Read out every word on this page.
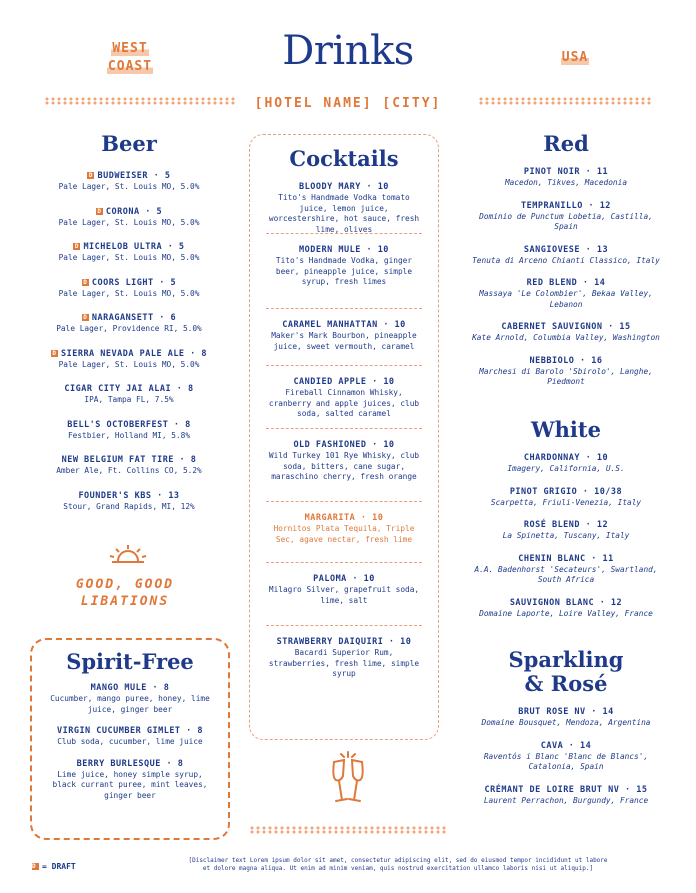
WEST
COAST	Drinks
[HOTEL NAME] [CITY]
USA
Beer
D BUDWEISER · 5
Pale Lager, St. Louis MO, 5.0%
D CORONA · 5
Pale Lager, St. Louis MO, 5.0%
D MICHELOB ULTRA · 5
Pale Lager, St. Louis MO, 5.0%
D COORS LIGHT · 5
Pale Lager, St. Louis MO, 5.0%
D NARAGANSETT · 6
Pale Lager, Providence RI, 5.0%
D SIERRA NEVADA PALE ALE · 8
Pale Lager, St. Louis MO, 5.0%
CIGAR CITY JAI ALAI · 8
IPA, Tampa FL, 7.5%
BELL'S OCTOBERFEST · 8
Festbier, Holland MI, 5.8%
NEW BELGIUM FAT TIRE · 8
Amber Ale, Ft. Collins CO, 5.2%
FOUNDER'S KBS · 13
Stour, Grand Rapids, MI, 12%
GOOD, GOOD
LIBATIONS
Spirit-Free
MANGO MULE · 8
Cucumber, mango puree, honey, lime juice, ginger beer
VIRGIN CUCUMBER GIMLET · 8
Club soda, cucumber, lime juice
BERRY BURLESQUE · 8
Lime juice, honey simple syrup, black currant puree, mint leaves, ginger beer
Cocktails
BLOODY MARY · 10
Tito's Handmade Vodka tomato juice, lemon juice, worcestershire, hot sauce, fresh lime, olives
MODERN MULE · 10
Tito's Handmade Vodka, ginger beer, pineapple juice, simple syrup, fresh limes
CARAMEL MANHATTAN · 10
Maker's Mark Bourbon, pineapple juice, sweet vermouth, caramel
CANDIED APPLE · 10
Fireball Cinnamon Whisky, cranberry and apple juices, club soda, salted caramel
OLD FASHIONED · 10
Wild Turkey 101 Rye Whisky, club soda, bitters, cane sugar, maraschino cherry, fresh orange
MARGARITA · 10
Hornitos Plata Tequila, Triple Sec, agave nectar, fresh lime
PALOMA · 10
Milagro Silver, grapefruit soda, lime, salt
STRAWBERRY DAIQUIRI · 10
Bacardi Superior Rum, strawberries, fresh lime, simple syrup
Red
PINOT NOIR · 11
Macedon, Tikves, Macedonia
TEMPRANILLO · 12
Dominio de Punctum Lobetia, Castilla, Spain
SANGIOVESE · 13
Tenuta di Arceno Chianti Classico, Italy
RED BLEND · 14
Massaya 'Le Colombier', Bekaa Valley, Lebanon
CABERNET SAUVIGNON · 15
Kate Arnold, Columbia Valley, Washington
NEBBIOLO · 16
Marchesi di Barolo 'Sbirolo', Langhe, Piedmont
White
CHARDONNAY · 10
Imagery, California, U.S.
PINOT GRIGIO · 10/38
Scarpetta, Friuli-Venezia, Italy
ROSÉ BLEND · 12
La Spinetta, Tuscany, Italy
CHENIN BLANC · 11
A.A. Badenhorst 'Secateurs', Swartland, South Africa
SAUVIGNON BLANC · 12
Domaine Laporte, Loire Valley, France
Sparkling
& Rosé
BRUT ROSE NV · 14
Domaine Bousquet, Mendoza, Argentina
CAVA · 14
Raventós i Blanc 'Blanc de Blancs', Catalonia, Spain
CRÉMANT DE LOIRE BRUT NV · 15
Laurent Perrachon, Burgundy, France
D = DRAFT
[Disclaimer text Lorem ipsum dolor sit amet, consectetur adipiscing elit, sed do eiusmod tempor incididunt ut labore
et dolore magna aliqua. Ut enim ad minim veniam, quis nostrud exercitation ullamco laboris nisi ut aliquip.]
